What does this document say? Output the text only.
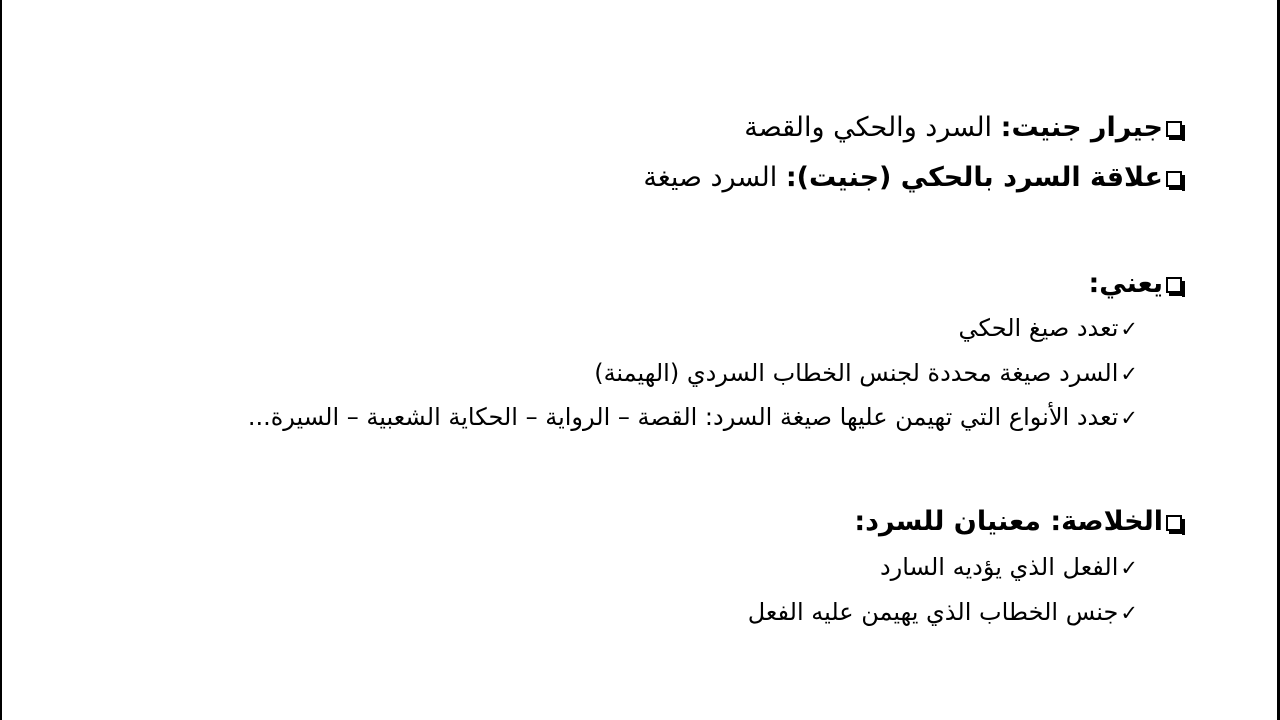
جيرار جنيت: السرد والحكي والقصة
علاقة السرد بالحكي (جنيت): السرد صيغة
يعني:
✓تعدد صيغ الحكي
✓السرد صيغة محددة لجنس الخطاب السردي (الهيمنة)
✓تعدد الأنواع التي تهيمن عليها صيغة السرد: القصة – الرواية – الحكاية الشعبية – السيرة...
الخلاصة: معنيان للسرد:
✓الفعل الذي يؤديه السارد
✓جنس الخطاب الذي يهيمن عليه الفعل
